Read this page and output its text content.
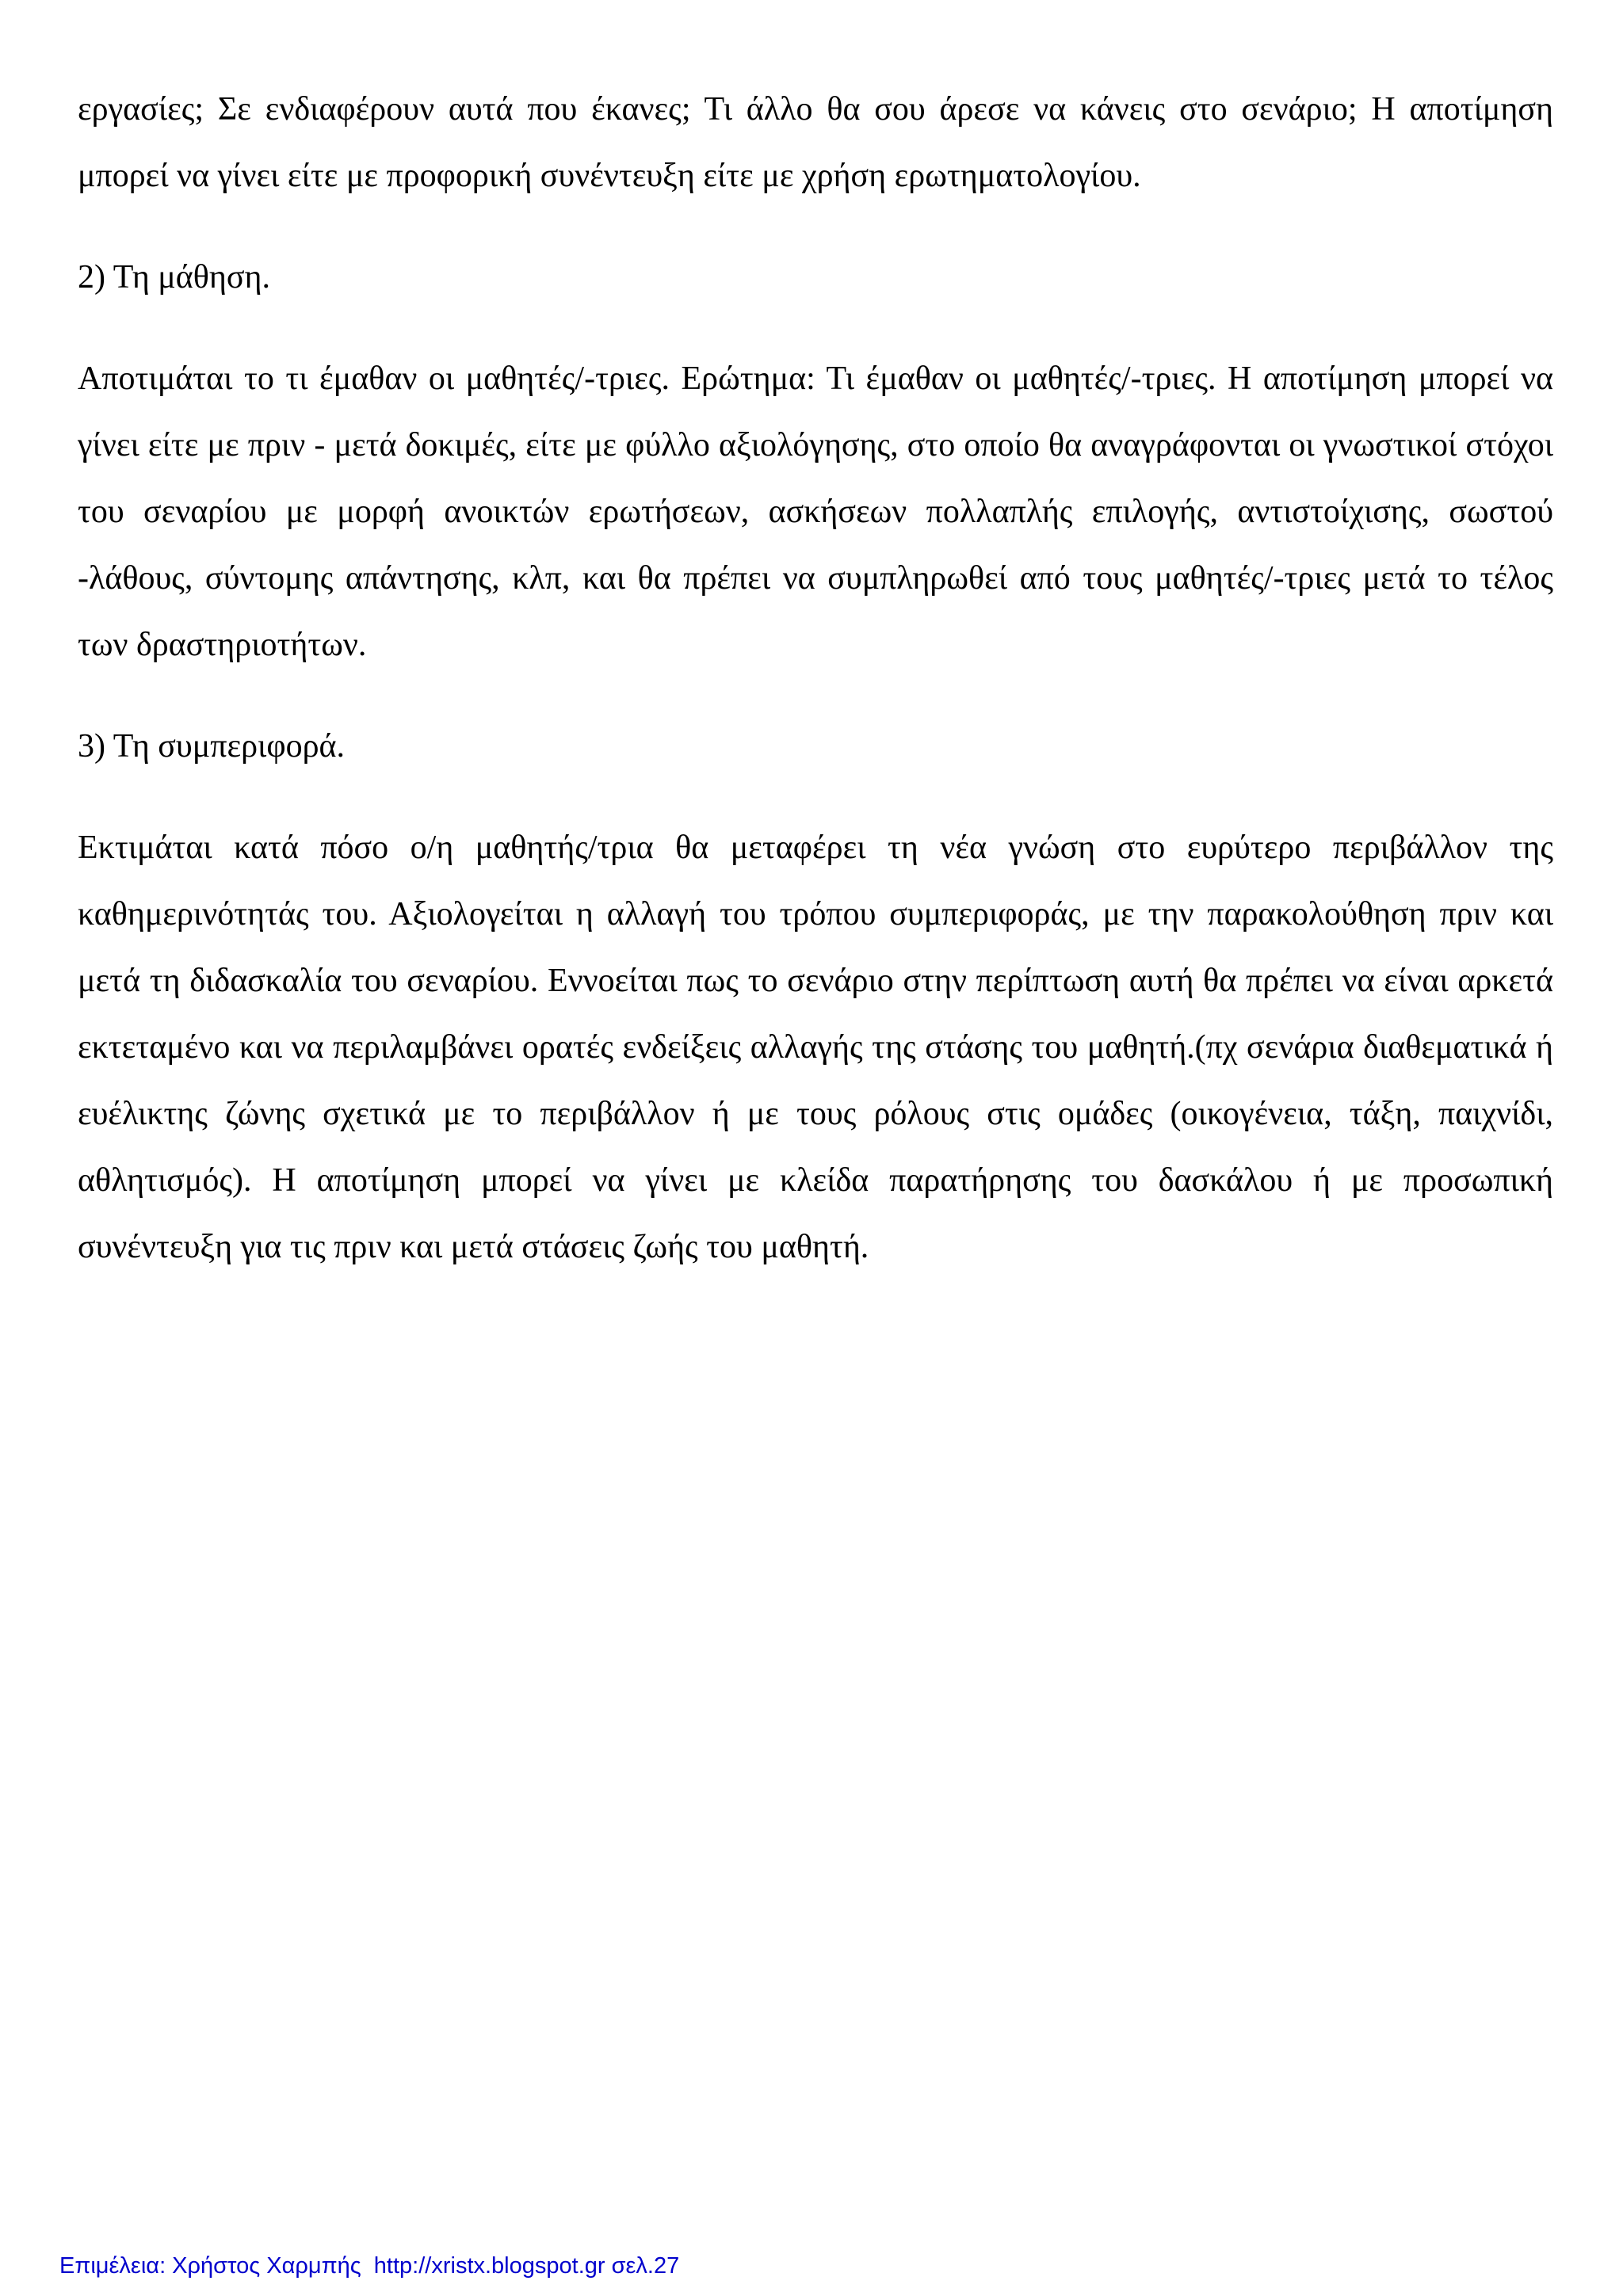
εργασίες; Σε ενδιαφέρουν αυτά που έκανες; Τι άλλο θα σου άρεσε να κάνεις στο σενάριο; Η αποτίμηση μπορεί να γίνει είτε με προφορική συνέντευξη είτε με χρήση ερωτηματολογίου.

2) Τη μάθηση.

Αποτιμάται το τι έμαθαν οι μαθητές/-τριες. Ερώτημα: Τι έμαθαν οι μαθητές/-τριες. Η αποτίμηση μπορεί να γίνει είτε με πριν - μετά δοκιμές, είτε με φύλλο αξιολόγησης, στο οποίο θα αναγράφονται οι γνωστικοί στόχοι του σεναρίου με μορφή ανοικτών ερωτήσεων, ασκήσεων πολλαπλής επιλογής, αντιστοίχισης, σωστού -λάθους, σύντομης απάντησης, κλπ, και θα πρέπει να συμπληρωθεί από τους μαθητές/-τριες μετά το τέλος των δραστηριοτήτων.

3) Τη συμπεριφορά.

Εκτιμάται κατά πόσο ο/η μαθητής/τρια θα μεταφέρει τη νέα γνώση στο ευρύτερο περιβάλλον της καθημερινότητάς του. Αξιολογείται η αλλαγή του τρόπου συμπεριφοράς, με την παρακολούθηση πριν και μετά τη διδασκαλία του σεναρίου. Εννοείται πως το σενάριο στην περίπτωση αυτή θα πρέπει να είναι αρκετά εκτεταμένο και να περιλαμβάνει ορατές ενδείξεις αλλαγής της στάσης του μαθητή.(πχ σενάρια διαθεματικά ή ευέλικτης ζώνης σχετικά με το περιβάλλον ή με τους ρόλους στις ομάδες (οικογένεια, τάξη, παιχνίδι, αθλητισμός). Η αποτίμηση μπορεί να γίνει με κλείδα παρατήρησης του δασκάλου ή με προσωπική συνέντευξη για τις πριν και μετά στάσεις ζωής του μαθητή.

Επιμέλεια: Χρήστος Χαρμπής  http://xristx.blogspot.gr σελ.27
